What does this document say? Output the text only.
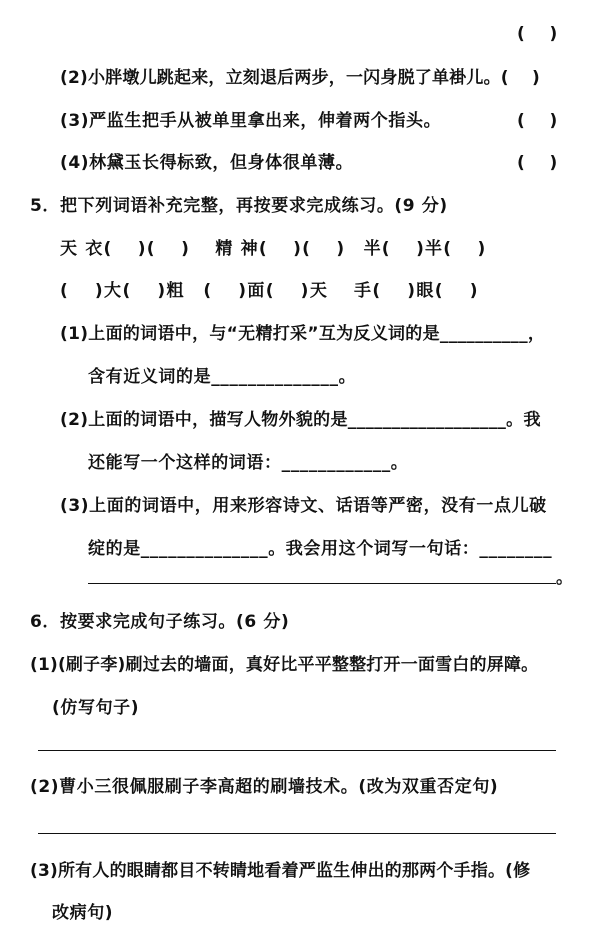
(　 )
(2)小胖墩儿跳起来，立刻退后两步，一闪身脱了单褂儿。(　 )
(3)严监生把手从被单里拿出来，伸着两个指头。	(　 )
(4)林黛玉长得标致，但身体很单薄。	(　 )
5．把下列词语补充完整，再按要求完成练习。(9 分)
天 衣(　 )(　 )　 精 神(　 )(　 )　半(　 )半(　 )
(　 )大(　 )粗　(　 )面(　 )天　 手(　 )眼(　 )
(1)上面的词语中，与“无精打采”互为反义词的是__________，
含有近义词的是______________。
(2)上面的词语中，描写人物外貌的是__________________。我
还能写一个这样的词语：____________。
(3)上面的词语中，用来形容诗文、话语等严密，没有一点儿破
绽的是______________。我会用这个词写一句话：________
。
6．按要求完成句子练习。(6 分)
(1)(刷子李)刷过去的墙面，真好比平平整整打开一面雪白的屏障。
(仿写句子)
(2)曹小三很佩服刷子李高超的刷墙技术。(改为双重否定句)
(3)所有人的眼睛都目不转睛地看着严监生伸出的那两个手指。(修
改病句)
